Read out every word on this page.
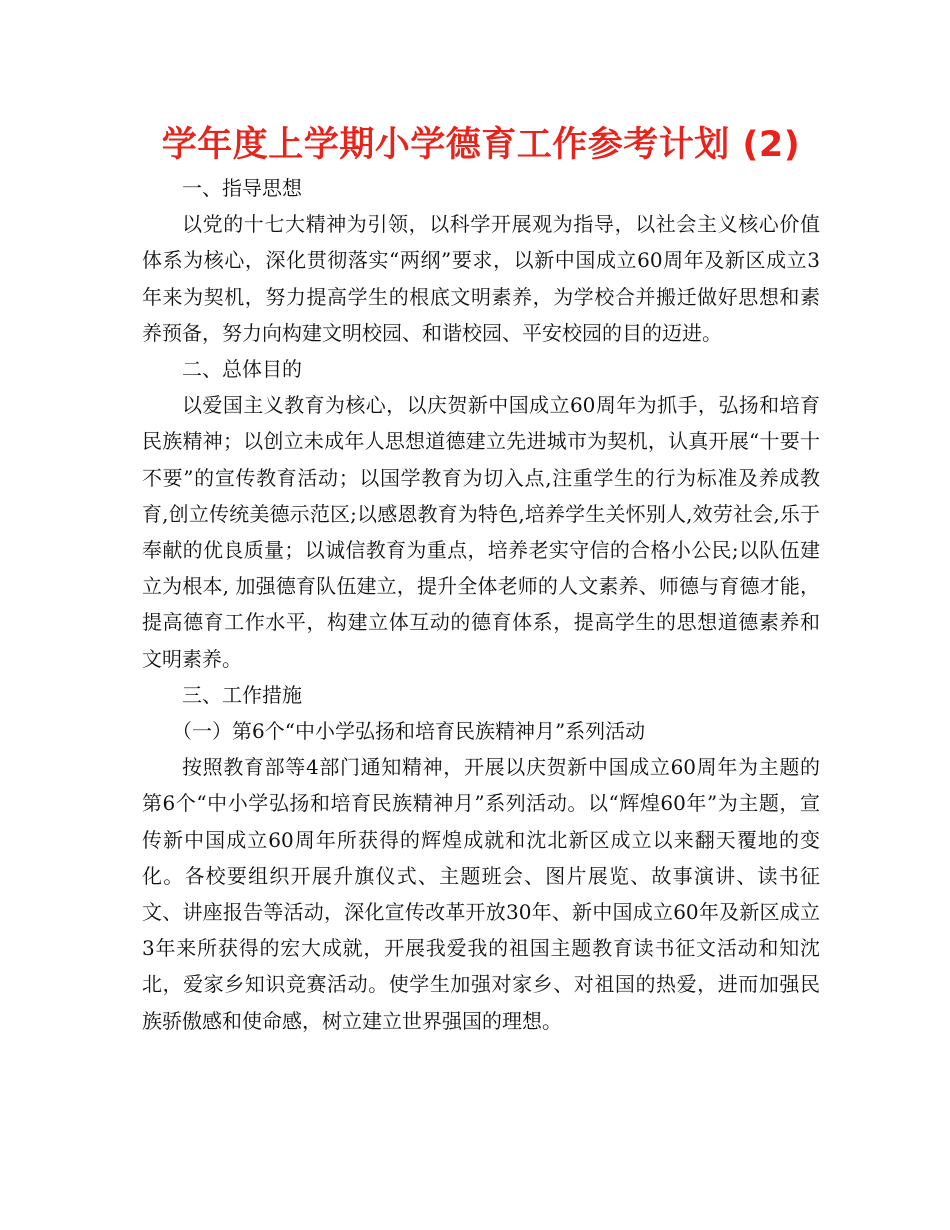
学年度上学期小学德育工作参考计划 (2)

一、指导思想

以党的十七大精神为引领，以科学开展观为指导，以社会主义核心价值体系为核心，深化贯彻落实“两纲”要求，以新中国成立60周年及新区成立3年来为契机，努力提高学生的根底文明素养，为学校合并搬迁做好思想和素养预备，努力向构建文明校园、和谐校园、平安校园的目的迈进。

二、总体目的

以爱国主义教育为核心，以庆贺新中国成立60周年为抓手，弘扬和培育民族精神；以创立未成年人思想道德建立先进城市为契机，认真开展“十要十不要”的宣传教育活动；以国学教育为切入点,注重学生的行为标准及养成教育,创立传统美德示范区;以感恩教育为特色,培养学生关怀别人,效劳社会,乐于奉献的优良质量；以诚信教育为重点，培养老实守信的合格小公民;以队伍建立为根本, 加强德育队伍建立，提升全体老师的人文素养、师德与育德才能，提高德育工作水平，构建立体互动的德育体系，提高学生的思想道德素养和文明素养。

三、工作措施

（一）第6个“中小学弘扬和培育民族精神月”系列活动

按照教育部等4部门通知精神，开展以庆贺新中国成立60周年为主题的第6个“中小学弘扬和培育民族精神月”系列活动。以“辉煌60年”为主题，宣传新中国成立60周年所获得的辉煌成就和沈北新区成立以来翻天覆地的变化。各校要组织开展升旗仪式、主题班会、图片展览、故事演讲、读书征文、讲座报告等活动，深化宣传改革开放30年、新中国成立60年及新区成立3年来所获得的宏大成就，开展我爱我的祖国主题教育读书征文活动和知沈北，爱家乡知识竞赛活动。使学生加强对家乡、对祖国的热爱，进而加强民族骄傲感和使命感，树立建立世界强国的理想。
